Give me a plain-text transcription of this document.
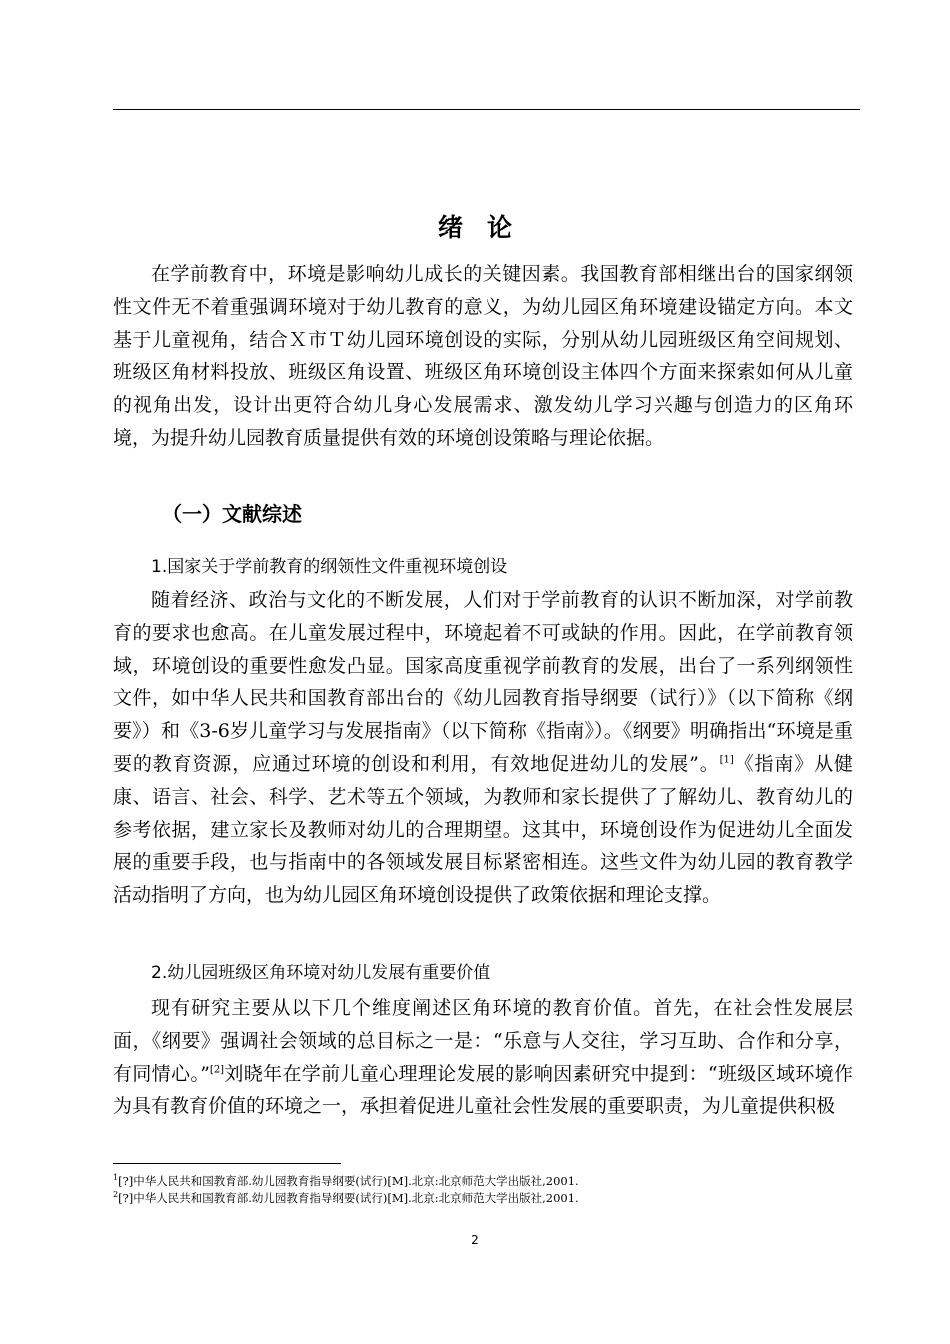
绪论

在学前教育中，环境是影响幼儿成长的关键因素。我国教育部相继出台的国家纲领性文件无不着重强调环境对于幼儿教育的意义，为幼儿园区角环境建设锚定方向。本文基于儿童视角，结合Ｘ市Ｔ幼儿园环境创设的实际，分别从幼儿园班级区角空间规划、班级区角材料投放、班级区角设置、班级区角环境创设主体四个方面来探索如何从儿童的视角出发，设计出更符合幼儿身心发展需求、激发幼儿学习兴趣与创造力的区角环境，为提升幼儿园教育质量提供有效的环境创设策略与理论依据。

（一）文献综述
1.国家关于学前教育的纲领性文件重视环境创设

随着经济、政治与文化的不断发展，人们对于学前教育的认识不断加深，对学前教育的要求也愈高。在儿童发展过程中，环境起着不可或缺的作用。因此，在学前教育领域，环境创设的重要性愈发凸显。国家高度重视学前教育的发展，出台了一系列纲领性文件，如中华人民共和国教育部出台的《幼儿园教育指导纲要（试行）》（以下简称《纲要》）和《3-6岁儿童学习与发展指南》（以下简称《指南》）。《纲要》明确指出“环境是重要的教育资源，应通过环境的创设和利用，有效地促进幼儿的发展”。[1]《指南》从健康、语言、社会、科学、艺术等五个领域，为教师和家长提供了了解幼儿、教育幼儿的参考依据，建立家长及教师对幼儿的合理期望。这其中，环境创设作为促进幼儿全面发展的重要手段，也与指南中的各领域发展目标紧密相连。这些文件为幼儿园的教育教学活动指明了方向，也为幼儿园区角环境创设提供了政策依据和理论支撑。

2.幼儿园班级区角环境对幼儿发展有重要价值

现有研究主要从以下几个维度阐述区角环境的教育价值。首先，在社会性发展层面，《纲要》强调社会领域的总目标之一是：“乐意与人交往，学习互助、合作和分享，有同情心。”[2]刘晓年在学前儿童心理理论发展的影响因素研究中提到：“班级区域环境作为具有教育价值的环境之一，承担着促进儿童社会性发展的重要职责，为儿童提供积极

$^1$[?]中华人民共和国教育部.幼儿园教育指导纲要(试行)[M].北京:北京师范大学出版社,2001.
$^2$[?]中华人民共和国教育部.幼儿园教育指导纲要(试行)[M].北京:北京师范大学出版社,2001.
2
